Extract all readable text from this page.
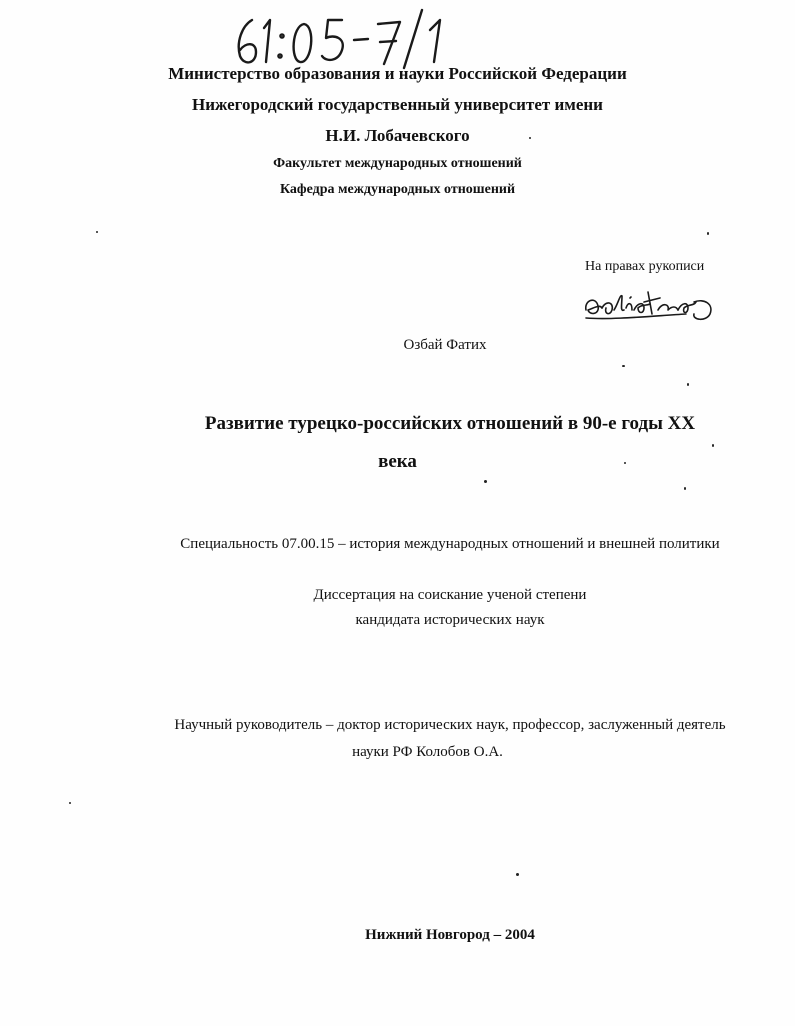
Министерство образования и науки Российской Федерации
Нижегородский государственный университет имени
Н.И. Лобачевского
Факультет международных отношений
Кафедра международных отношений
На правах рукописи
Озбай Фатих
Развитие турецко-российских отношений в 90-е годы XX
века
Специальность 07.00.15 – история международных отношений и внешней политики
Диссертация на соискание ученой степени
кандидата исторических наук
Научный руководитель – доктор исторических наук, профессор, заслуженный деятель
науки РФ Колобов О.А.
Нижний Новгород – 2004
